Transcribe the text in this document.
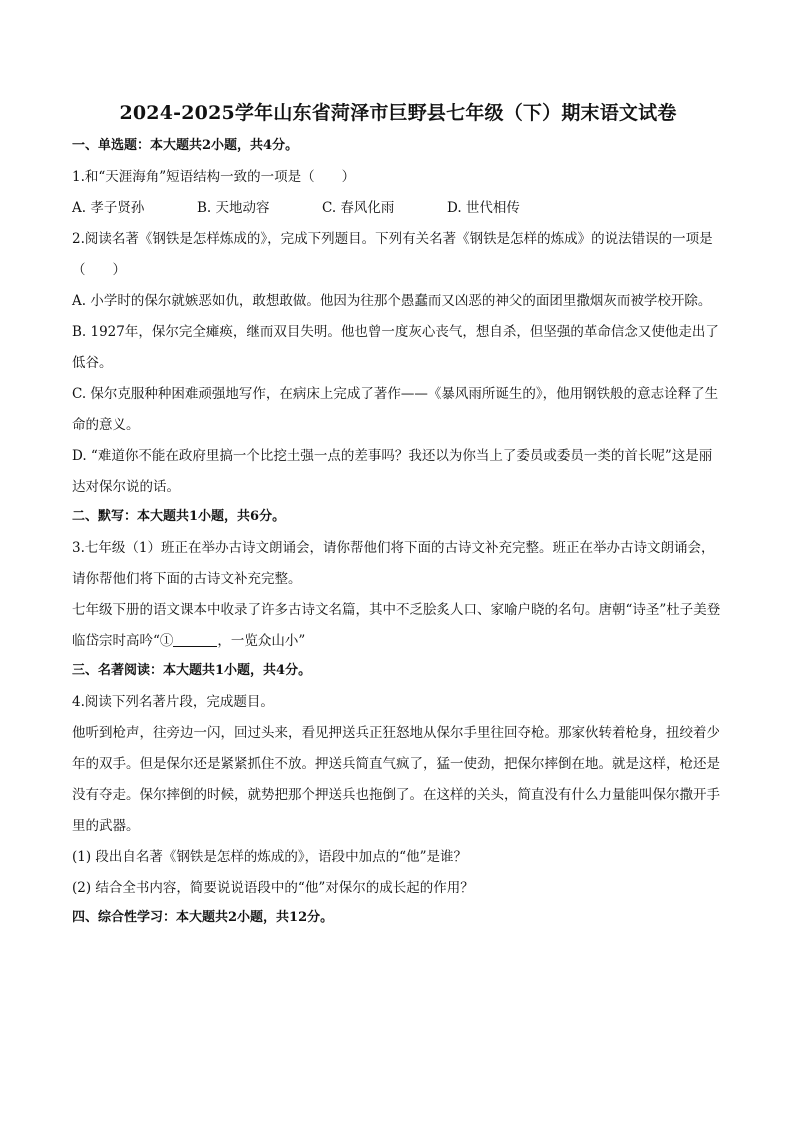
2024-2025学年山东省菏泽市巨野县七年级（下）期末语文试卷
一、单选题：本大题共2小题，共4分。

1.和“天涯海角”短语结构一致的一项是（　　）

A. 孝子贤孙	B. 天地动容	C. 春风化雨	D. 世代相传

2.阅读名著《钢铁是怎样炼成的》，完成下列题目。下列有关名著《钢铁是怎样的炼成》的说法错误的一项是（　　）

A. 小学时的保尔就嫉恶如仇，敢想敢做。他因为往那个愚蠢而又凶恶的神父的面团里撒烟灰而被学校开除。

B. 1927年，保尔完全瘫痪，继而双目失明。他也曾一度灰心丧气，想自杀，但坚强的革命信念又使他走出了低谷。

C. 保尔克服种种困难顽强地写作，在病床上完成了著作——《暴风雨所诞生的》，他用钢铁般的意志诠释了生命的意义。

D. “难道你不能在政府里搞一个比挖土强一点的差事吗？我还以为你当上了委员或委员一类的首长呢”这是丽达对保尔说的话。

二、默写：本大题共1小题，共6分。

3.七年级（1）班正在举办古诗文朗诵会，请你帮他们将下面的古诗文补充完整。班正在举办古诗文朗诵会，请你帮他们将下面的古诗文补充完整。

七年级下册的语文课本中收录了许多古诗文名篇，其中不乏脍炙人口、家喻户晓的名句。唐朝“诗圣”杜子美登临岱宗时高吟“①	，一览众山小”

三、名著阅读：本大题共1小题，共4分。

4.阅读下列名著片段，完成题目。

他听到枪声，往旁边一闪，回过头来，看见押送兵正狂怒地从保尔手里往回夺枪。那家伙转着枪身，扭绞着少年的双手。但是保尔还是紧紧抓住不放。押送兵简直气疯了，猛一使劲，把保尔摔倒在地。就是这样，枪还是没有夺走。保尔摔倒的时候，就势把那个押送兵也拖倒了。在这样的关头，简直没有什么力量能叫保尔撒开手里的武器。

(1) 段出自名著《钢铁是怎样的炼成的》，语段中加点的“他”是谁？

(2) 结合全书内容，简要说说语段中的“他”对保尔的成长起的作用？

四、综合性学习：本大题共2小题，共12分。
